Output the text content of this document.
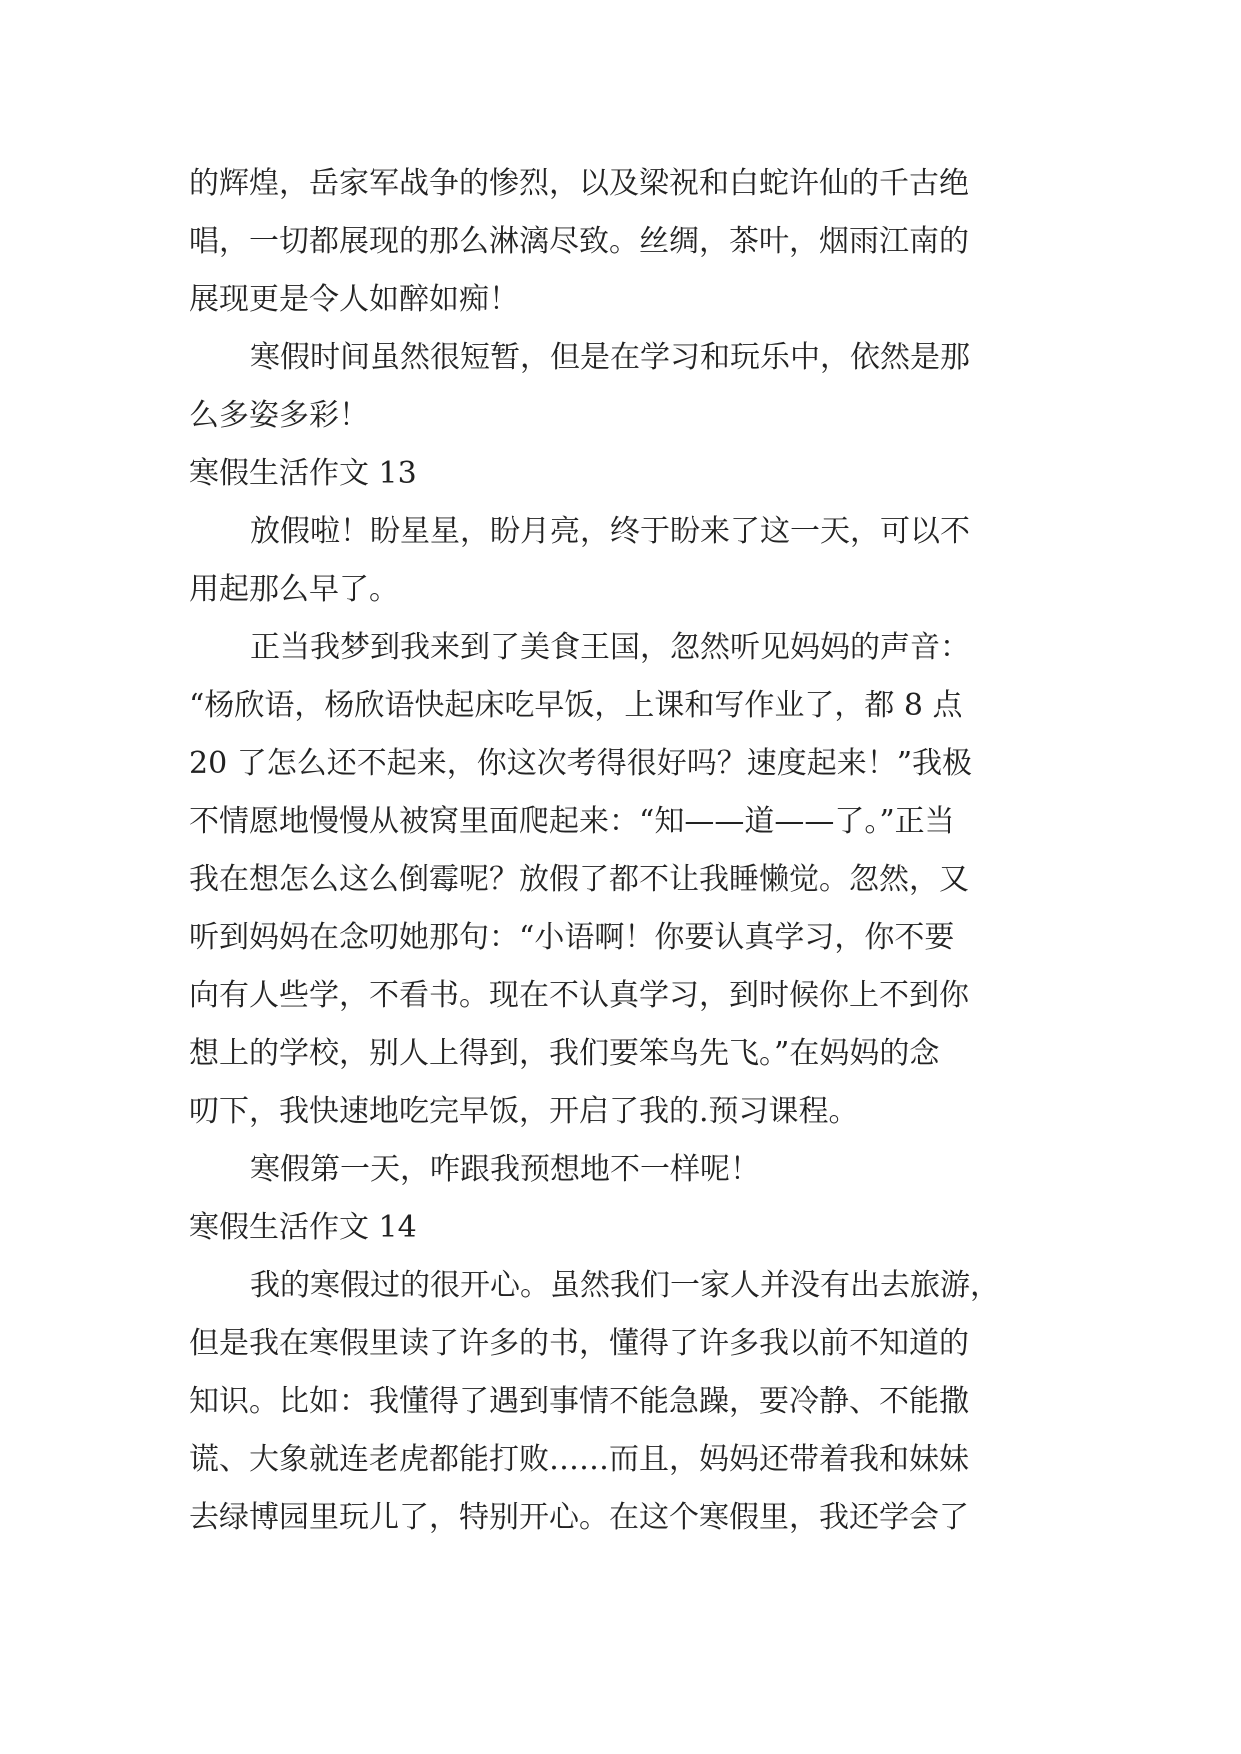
的辉煌，岳家军战争的惨烈，以及梁祝和白蛇许仙的千古绝
唱，一切都展现的那么淋漓尽致。丝绸，茶叶，烟雨江南的
展现更是令人如醉如痴！
寒假时间虽然很短暂，但是在学习和玩乐中，依然是那
么多姿多彩！
寒假生活作文 13
放假啦！盼星星，盼月亮，终于盼来了这一天，可以不
用起那么早了。
正当我梦到我来到了美食王国，忽然听见妈妈的声音：
“杨欣语，杨欣语快起床吃早饭，上课和写作业了，都 8 点
20 了怎么还不起来，你这次考得很好吗？速度起来！”我极
不情愿地慢慢从被窝里面爬起来：“知——道——了。”正当
我在想怎么这么倒霉呢？放假了都不让我睡懒觉。忽然，又
听到妈妈在念叨她那句：“小语啊！你要认真学习，你不要
向有人些学，不看书。现在不认真学习，到时候你上不到你
想上的学校，别人上得到，我们要笨鸟先飞。”在妈妈的念
叨下，我快速地吃完早饭，开启了我的.预习课程。
寒假第一天，咋跟我预想地不一样呢！
寒假生活作文 14
我的寒假过的很开心。虽然我们一家人并没有出去旅游，
但是我在寒假里读了许多的书，懂得了许多我以前不知道的
知识。比如：我懂得了遇到事情不能急躁，要冷静、不能撒
谎、大象就连老虎都能打败……而且，妈妈还带着我和妹妹
去绿博园里玩儿了，特别开心。在这个寒假里，我还学会了
